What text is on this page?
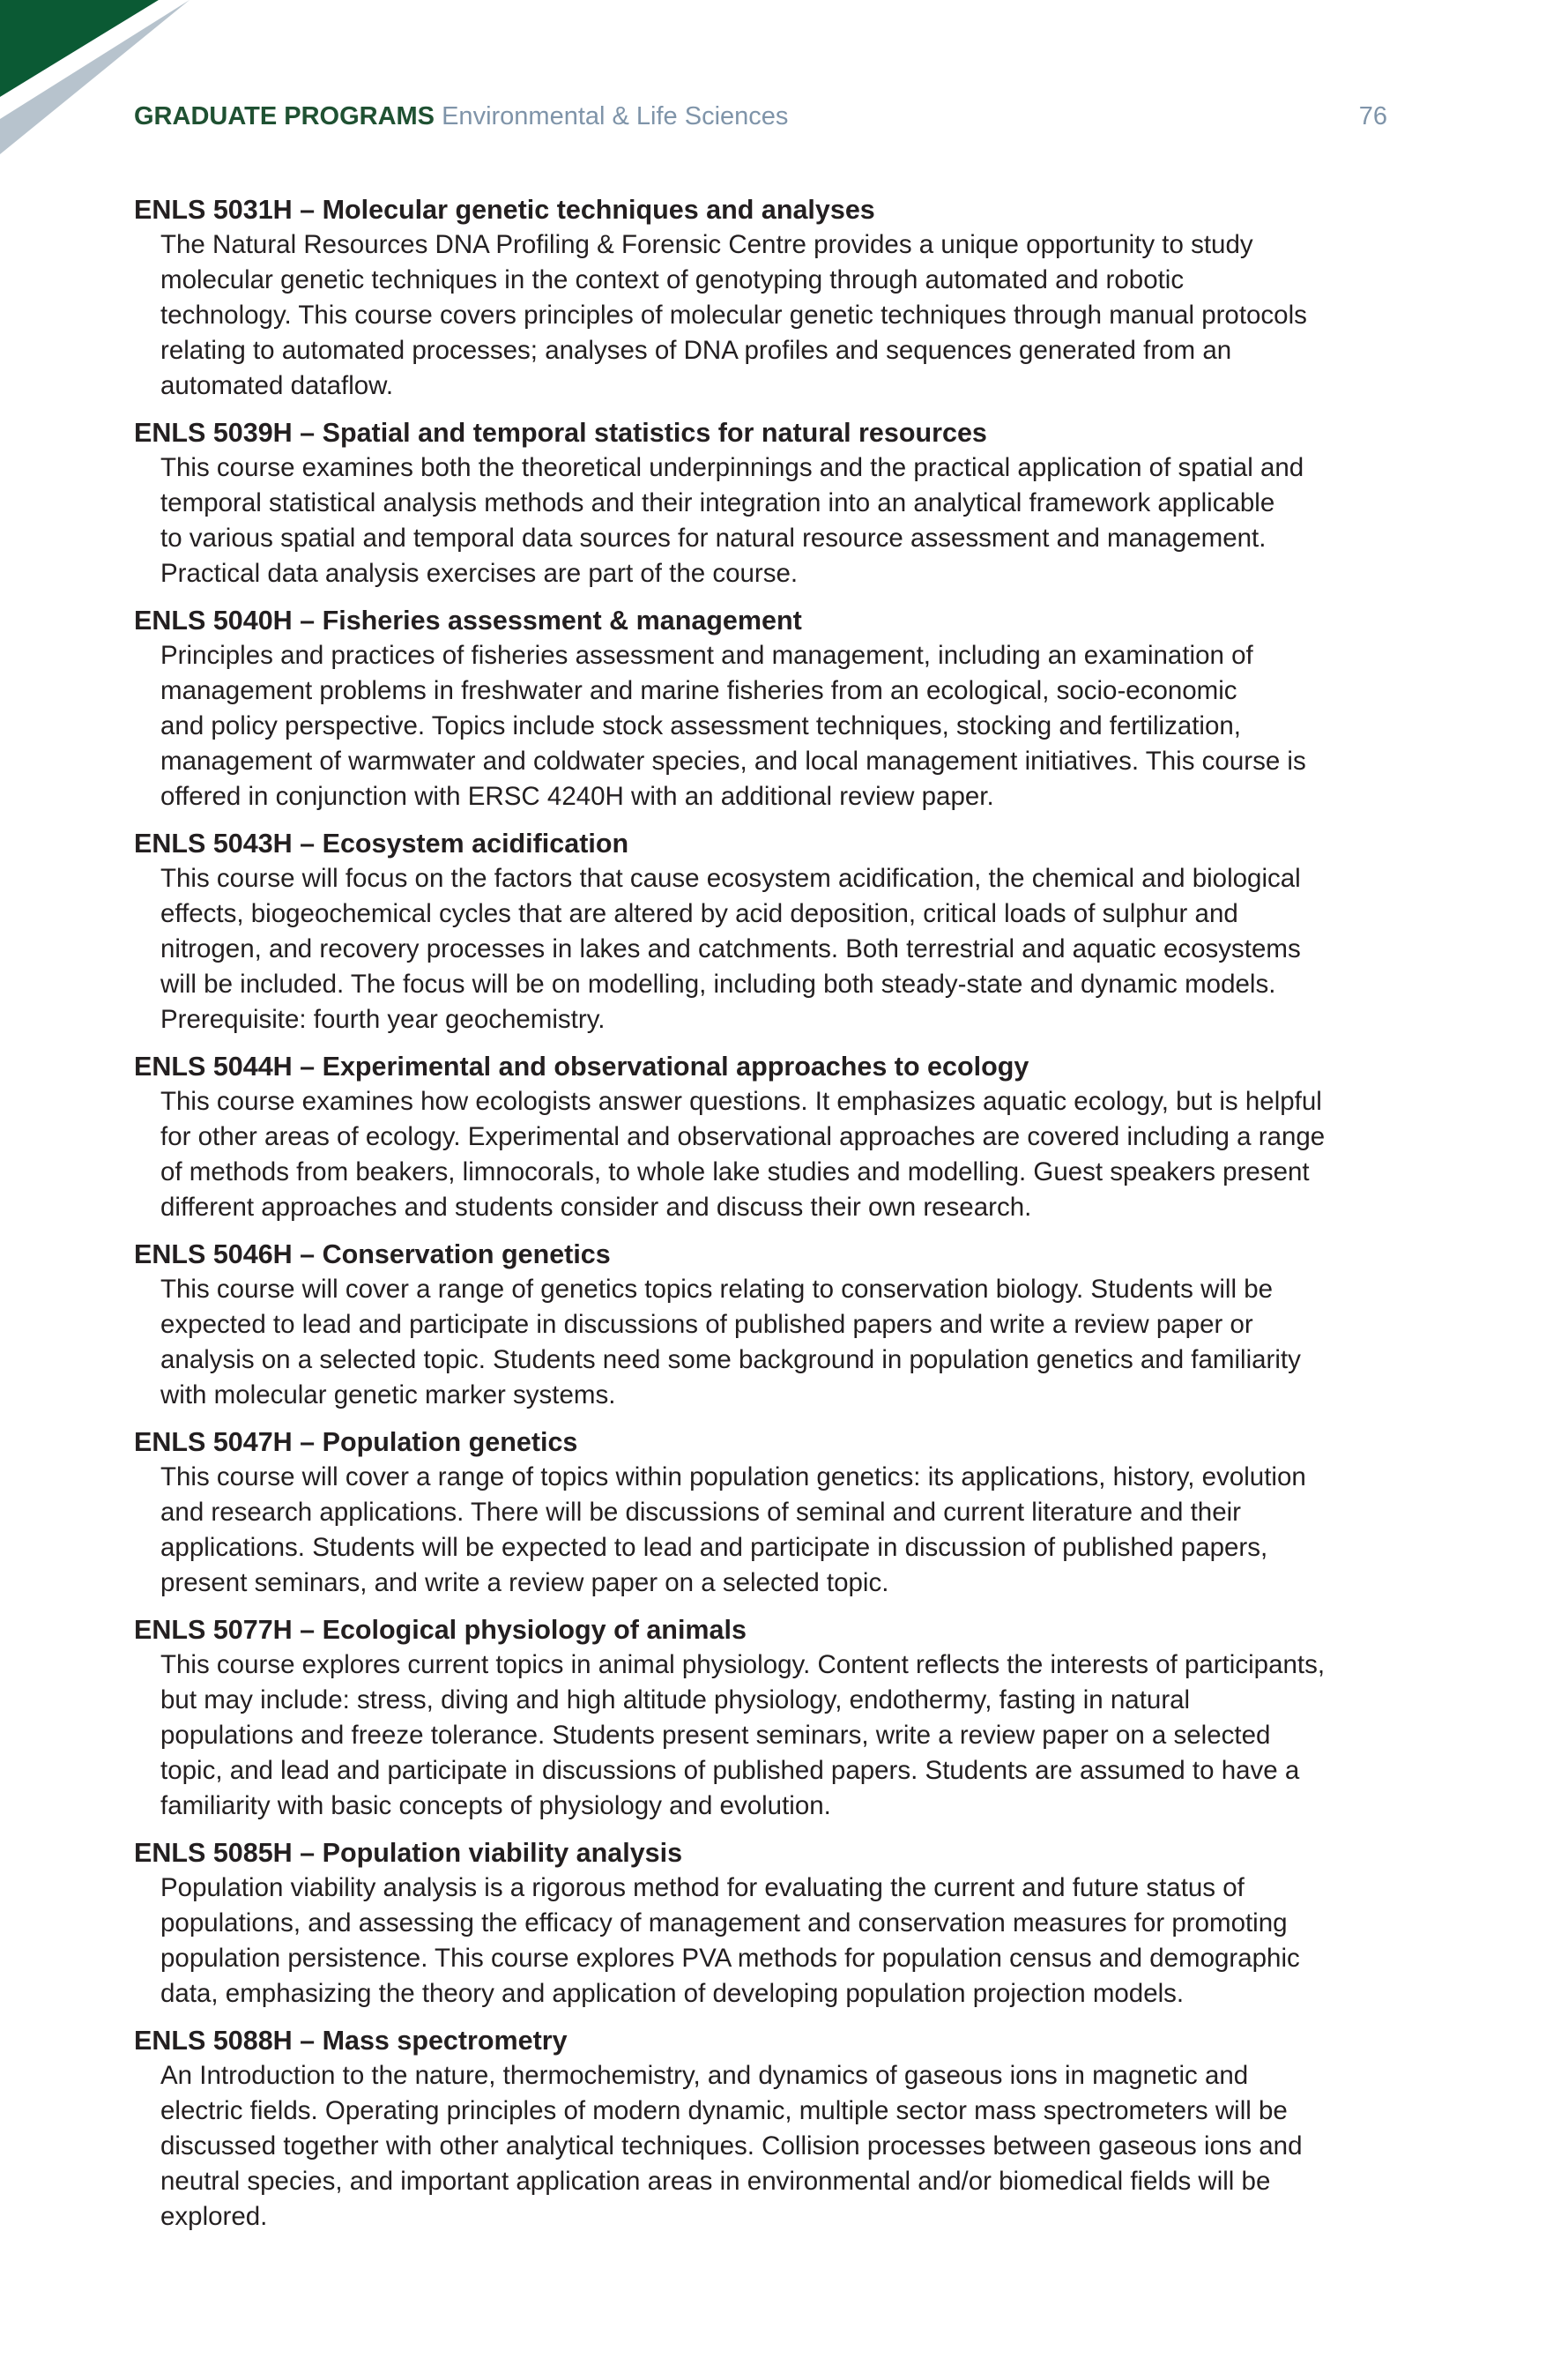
GRADUATE PROGRAMS Environmental & Life Sciences	76
ENLS 5031H – Molecular genetic techniques and analyses

The Natural Resources DNA Profiling & Forensic Centre provides a unique opportunity to study
molecular genetic techniques in the context of genotyping through automated and robotic
technology. This course covers principles of molecular genetic techniques through manual protocols
relating to automated processes; analyses of DNA profiles and sequences generated from an
automated dataflow.

ENLS 5039H – Spatial and temporal statistics for natural resources

This course examines both the theoretical underpinnings and the practical application of spatial and
temporal statistical analysis methods and their integration into an analytical framework applicable
to various spatial and temporal data sources for natural resource assessment and management.
Practical data analysis exercises are part of the course.

ENLS 5040H – Fisheries assessment & management

Principles and practices of fisheries assessment and management, including an examination of
management problems in freshwater and marine fisheries from an ecological, socio-economic
and policy perspective. Topics include stock assessment techniques, stocking and fertilization,
management of warmwater and coldwater species, and local management initiatives. This course is
offered in conjunction with ERSC 4240H with an additional review paper.

ENLS 5043H – Ecosystem acidification

This course will focus on the factors that cause ecosystem acidification, the chemical and biological
effects, biogeochemical cycles that are altered by acid deposition, critical loads of sulphur and
nitrogen, and recovery processes in lakes and catchments. Both terrestrial and aquatic ecosystems
will be included. The focus will be on modelling, including both steady-state and dynamic models.
Prerequisite: fourth year geochemistry.

ENLS 5044H – Experimental and observational approaches to ecology

This course examines how ecologists answer questions. It emphasizes aquatic ecology, but is helpful
for other areas of ecology. Experimental and observational approaches are covered including a range
of methods from beakers, limnocorals, to whole lake studies and modelling. Guest speakers present
different approaches and students consider and discuss their own research.

ENLS 5046H – Conservation genetics

This course will cover a range of genetics topics relating to conservation biology. Students will be
expected to lead and participate in discussions of published papers and write a review paper or
analysis on a selected topic. Students need some background in population genetics and familiarity
with molecular genetic marker systems.

ENLS 5047H – Population genetics

This course will cover a range of topics within population genetics: its applications, history, evolution
and research applications. There will be discussions of seminal and current literature and their
applications. Students will be expected to lead and participate in discussion of published papers,
present seminars, and write a review paper on a selected topic.

ENLS 5077H – Ecological physiology of animals

This course explores current topics in animal physiology. Content reflects the interests of participants,
but may include: stress, diving and high altitude physiology, endothermy, fasting in natural
populations and freeze tolerance. Students present seminars, write a review paper on a selected
topic, and lead and participate in discussions of published papers. Students are assumed to have a
familiarity with basic concepts of physiology and evolution.

ENLS 5085H – Population viability analysis

Population viability analysis is a rigorous method for evaluating the current and future status of
populations, and assessing the efficacy of management and conservation measures for promoting
population persistence. This course explores PVA methods for population census and demographic
data, emphasizing the theory and application of developing population projection models.

ENLS 5088H – Mass spectrometry

An Introduction to the nature, thermochemistry, and dynamics of gaseous ions in magnetic and
electric fields. Operating principles of modern dynamic, multiple sector mass spectrometers will be
discussed together with other analytical techniques. Collision processes between gaseous ions and
neutral species, and important application areas in environmental and/or biomedical fields will be
explored.
